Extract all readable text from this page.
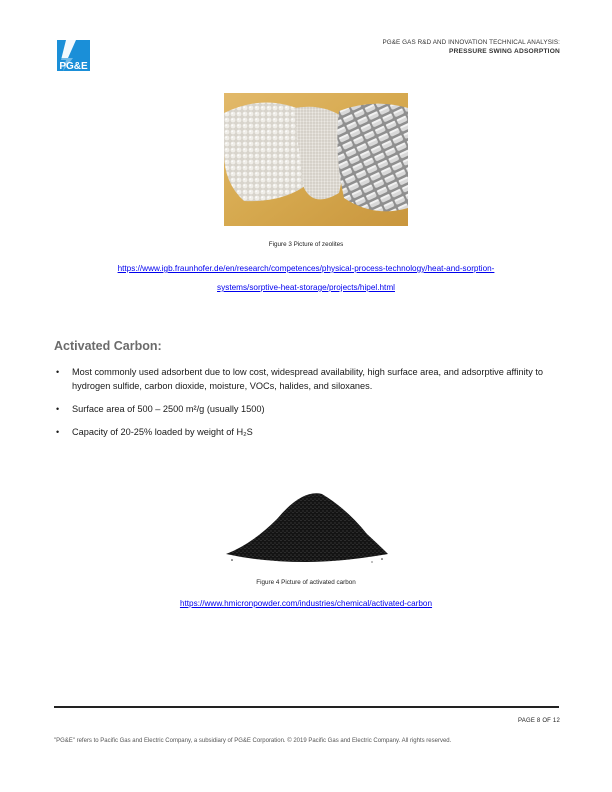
PG&E
PG&E GAS R&D AND INNOVATION TECHNICAL ANALYSIS:
PRESSURE SWING ADSORPTION
Figure 3 Picture of zeolites
https://www.igb.fraunhofer.de/en/research/competences/physical-process-technology/heat-and-sorption-
systems/sorptive-heat-storage/projects/hipel.html
Activated Carbon:
• Most commonly used adsorbent due to low cost, widespread availability, high surface area, and adsorptive affinity to hydrogen sulfide, carbon dioxide, moisture, VOCs, halides, and siloxanes.
• Surface area of 500 – 2500 m²/g (usually 1500)
• Capacity of 20-25% loaded by weight of H₂S
Figure 4 Picture of activated carbon
https://www.hmicronpowder.com/industries/chemical/activated-carbon
PAGE 8 OF 12
"PG&E" refers to Pacific Gas and Electric Company, a subsidiary of PG&E Corporation. © 2019 Pacific Gas and Electric Company. All rights reserved.
